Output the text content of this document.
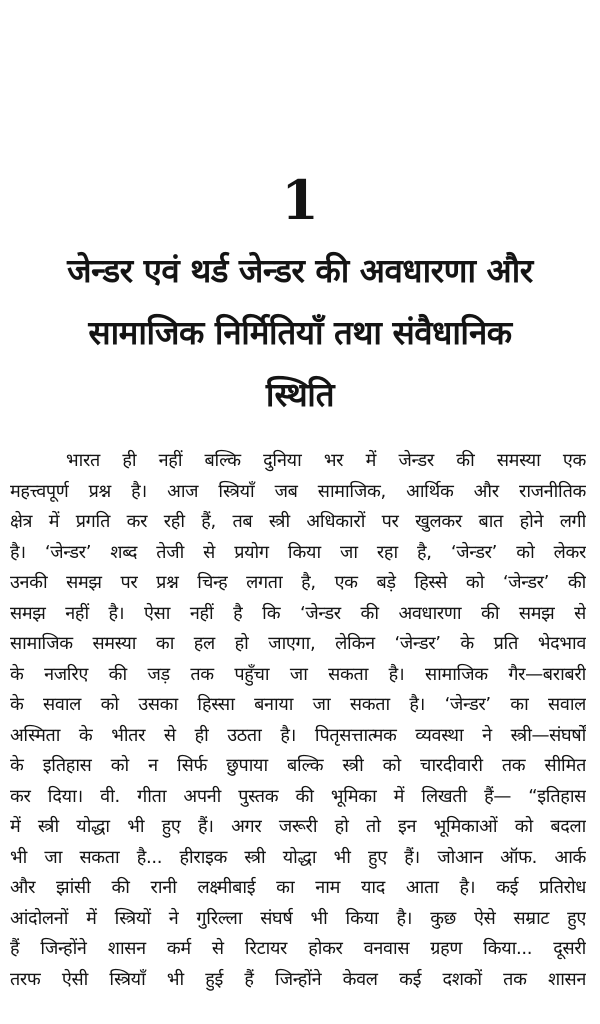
1
जेन्डर एवं थर्ड जेन्डर की अवधारणा और
सामाजिक निर्मितियाँ तथा संवैधानिक
स्थिति
भारत ही नहीं बल्कि दुनिया भर में जेन्डर की समस्या एक
महत्त्वपूर्ण प्रश्न है। आज स्त्रियाँ जब सामाजिक, आर्थिक और राजनीतिक
क्षेत्र में प्रगति कर रही हैं, तब स्त्री अधिकारों पर खुलकर बात होने लगी
है। ‘जेन्डर’ शब्द तेजी से प्रयोग किया जा रहा है, ‘जेन्डर’ को लेकर
उनकी समझ पर प्रश्न चिन्ह लगता है, एक बड़े हिस्से को ‘जेन्डर’ की
समझ नहीं है। ऐसा नहीं है कि ‘जेन्डर की अवधारणा की समझ से
सामाजिक समस्या का हल हो जाएगा, लेकिन ‘जेन्डर’ के प्रति भेदभाव
के नजरिए की जड़ तक पहुँचा जा सकता है। सामाजिक गैर—बराबरी
के सवाल को उसका हिस्सा बनाया जा सकता है। ‘जेन्डर’ का सवाल
अस्मिता के भीतर से ही उठता है। पितृसत्तात्मक व्यवस्था ने स्त्री—संघर्षों
के इतिहास को न सिर्फ छुपाया बल्कि स्त्री को चारदीवारी तक सीमित
कर दिया। वी. गीता अपनी पुस्तक की भूमिका में लिखती हैं— “इतिहास
में स्त्री योद्धा भी हुए हैं। अगर जरूरी हो तो इन भूमिकाओं को बदला
भी जा सकता है... हीराइक स्त्री योद्धा भी हुए हैं। जोआन ऑफ. आर्क
और झांसी की रानी लक्ष्मीबाई का नाम याद आता है। कई प्रतिरोध
आंदोलनों में स्त्रियों ने गुरिल्ला संघर्ष भी किया है। कुछ ऐसे सम्राट हुए
हैं जिन्होंने शासन कर्म से रिटायर होकर वनवास ग्रहण किया... दूसरी
तरफ ऐसी स्त्रियाँ भी हुई हैं जिन्होंने केवल कई दशकों तक शासन
